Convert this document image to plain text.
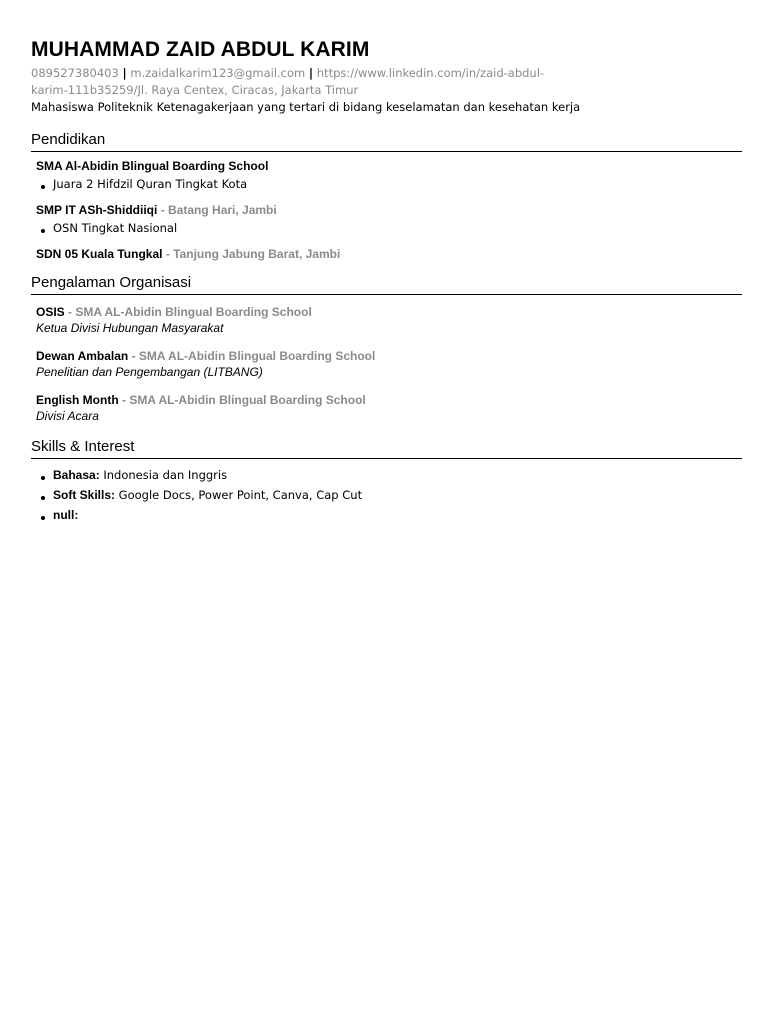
MUHAMMAD ZAID ABDUL KARIM
089527380403 | m.zaidalkarim123@gmail.com | https://www.linkedin.com/in/zaid-abdul-karim-111b35259/Jl. Raya Centex, Ciracas, Jakarta Timur
Mahasiswa Politeknik Ketenagakerjaan yang tertari di bidang keselamatan dan kesehatan kerja
Pendidikan
SMA Al-Abidin Blingual Boarding School
Juara 2 Hifdzil Quran Tingkat Kota
SMP IT ASh-Shiddiiqi - Batang Hari, Jambi
OSN Tingkat Nasional
SDN 05 Kuala Tungkal - Tanjung Jabung Barat, Jambi
Pengalaman Organisasi
OSIS - SMA AL-Abidin Blingual Boarding School
Ketua Divisi Hubungan Masyarakat
Dewan Ambalan - SMA AL-Abidin Blingual Boarding School
Penelitian dan Pengembangan (LITBANG)
English Month - SMA AL-Abidin Blingual Boarding School
Divisi Acara
Skills & Interest
Bahasa: Indonesia dan Inggris
Soft Skills: Google Docs, Power Point, Canva, Cap Cut
null:
